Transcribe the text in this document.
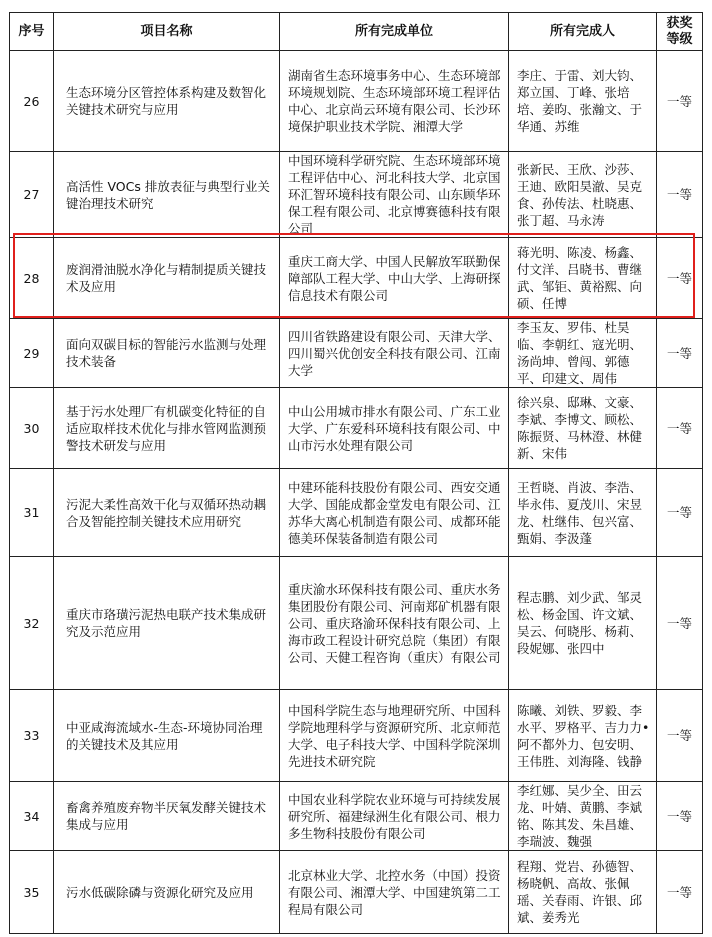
序号	项目名称	所有完成单位	所有完成人	获奖
等级
26	生态环境分区管控体系构建及数智化关键技术研究与应用	湖南省生态环境事务中心、生态环境部环境规划院、生态环境部环境工程评估中心、北京尚云环境有限公司、长沙环境保护职业技术学院、湘潭大学	李庄、于雷、刘大钧、郑立国、丁峰、张培培、姜昀、张瀚文、于华通、苏维	一等
27	高活性 VOCs 排放表征与典型行业关键治理技术研究	中国环境科学研究院、生态环境部环境工程评估中心、河北科技大学、北京国环汇智环境科技有限公司、山东顾华环保工程有限公司、北京博赛德科技有限公司	张新民、王欣、沙莎、王迪、欧阳昊澈、吴克食、孙传法、杜晓惠、张丁超、马永涛	一等
28	废润滑油脱水净化与精制提质关键技术及应用	重庆工商大学、中国人民解放军联勤保障部队工程大学、中山大学、上海研探信息技术有限公司	蒋光明、陈凌、杨鑫、付文洋、吕晓书、曹继武、邹钜、黄裕熙、向硕、任博	一等
29	面向双碳目标的智能污水监测与处理技术装备	四川省铁路建设有限公司、天津大学、四川蜀兴优创安全科技有限公司、江南大学	李玉友、罗伟、杜昊临、李朝红、寇光明、汤尚坤、曾闯、郭德平、印建文、周伟	一等
30	基于污水处理厂有机碳变化特征的自适应取样技术优化与排水管网监测预警技术研发与应用	中山公用城市排水有限公司、广东工业大学、广东爱科环境科技有限公司、中山市污水处理有限公司	徐兴泉、邸琳、文豪、李斌、李博文、顾松、陈振贤、马林澄、林健新、宋伟	一等
31	污泥大柔性高效干化与双循环热动耦合及智能控制关键技术应用研究	中建环能科技股份有限公司、西安交通大学、国能成都金堂发电有限公司、江苏华大离心机制造有限公司、成都环能德美环保装备制造有限公司	王哲晓、肖波、李浩、毕永伟、夏茂川、宋昱龙、杜继伟、包兴富、甄娟、李汲蓬	一等
32	重庆市珞璜污泥热电联产技术集成研究及示范应用	重庆渝水环保科技有限公司、重庆水务集团股份有限公司、河南郑矿机器有限公司、重庆珞渝环保科技有限公司、上海市政工程设计研究总院（集团）有限公司、天健工程咨询（重庆）有限公司	程志鹏、刘少武、邹灵松、杨金国、许文斌、吴云、何晓彤、杨莉、段妮娜、张四中	一等
33	中亚咸海流域水-生态-环境协同治理的关键技术及其应用	中国科学院生态与地理研究所、中国科学院地理科学与资源研究所、北京师范大学、电子科技大学、中国科学院深圳先进技术研究院	陈曦、刘铁、罗毅、李水平、罗格平、吉力力•阿不都外力、包安明、王伟胜、刘海隆、钱静	一等
34	畜禽养殖废弃物半厌氧发酵关键技术集成与应用	中国农业科学院农业环境与可持续发展研究所、福建绿洲生化有限公司、根力多生物科技股份有限公司	李红娜、吴少全、田云龙、叶婧、黄鹏、李斌铭、陈其发、朱昌雄、李瑞波、魏强	一等
35	污水低碳除磷与资源化研究及应用	北京林业大学、北控水务（中国）投资有限公司、湘潭大学、中国建筑第二工程局有限公司	程翔、党岩、孙德智、杨晓帆、高故、张佩瑶、关春雨、许银、邱斌、姜秀光	一等
